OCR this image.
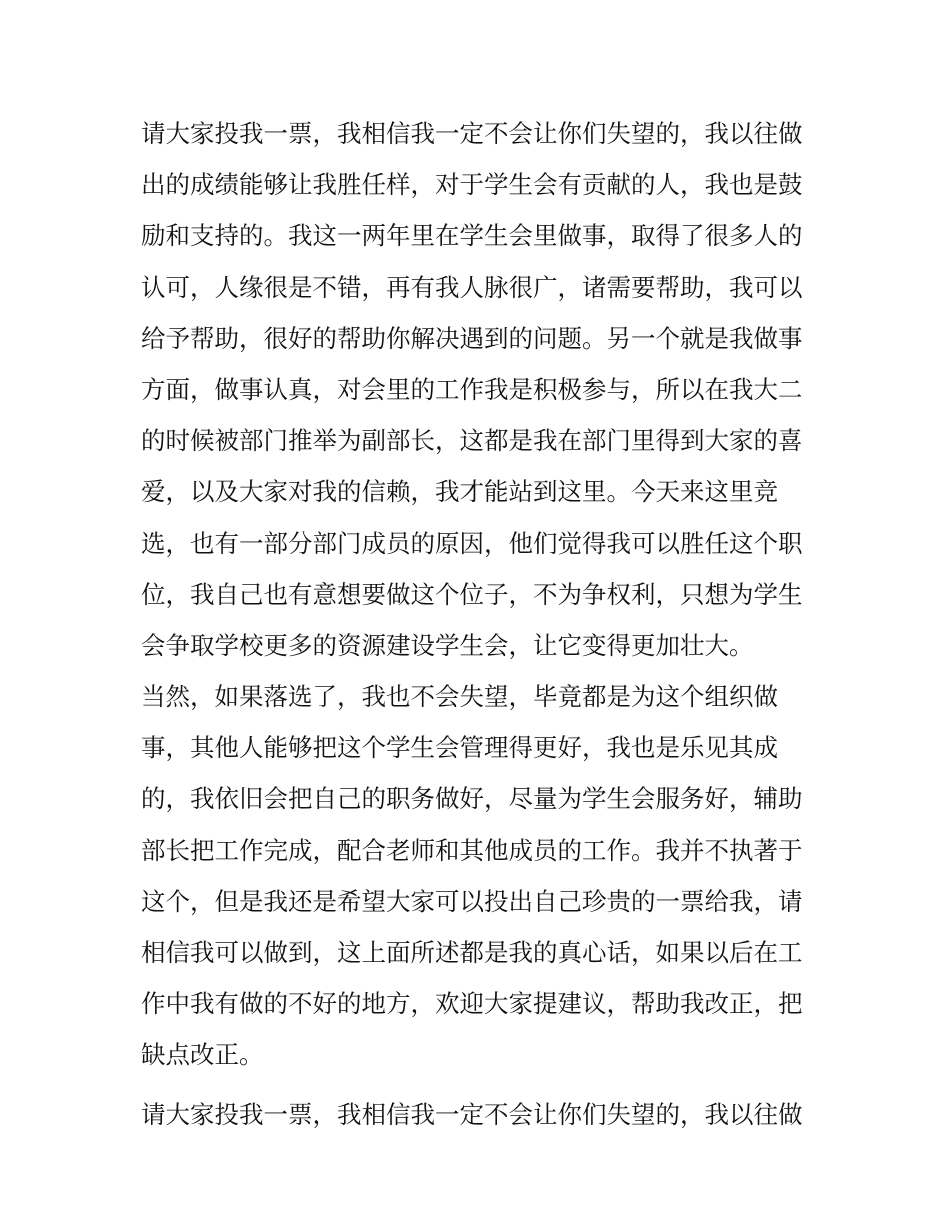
请大家投我一票，我相信我一定不会让你们失望的，我以往做
出的成绩能够让我胜任样，对于学生会有贡献的人，我也是鼓
励和支持的。我这一两年里在学生会里做事，取得了很多人的
认可，人缘很是不错，再有我人脉很广，诸需要帮助，我可以
给予帮助，很好的帮助你解决遇到的问题。另一个就是我做事
方面，做事认真，对会里的工作我是积极参与，所以在我大二
的时候被部门推举为副部长，这都是我在部门里得到大家的喜
爱，以及大家对我的信赖，我才能站到这里。今天来这里竞
选，也有一部分部门成员的原因，他们觉得我可以胜任这个职
位，我自己也有意想要做这个位子，不为争权利，只想为学生
会争取学校更多的资源建设学生会，让它变得更加壮大。
当然，如果落选了，我也不会失望，毕竟都是为这个组织做
事，其他人能够把这个学生会管理得更好，我也是乐见其成
的，我依旧会把自己的职务做好，尽量为学生会服务好，辅助
部长把工作完成，配合老师和其他成员的工作。我并不执著于
这个，但是我还是希望大家可以投出自己珍贵的一票给我，请
相信我可以做到，这上面所述都是我的真心话，如果以后在工
作中我有做的不好的地方，欢迎大家提建议，帮助我改正，把
缺点改正。
请大家投我一票，我相信我一定不会让你们失望的，我以往做
